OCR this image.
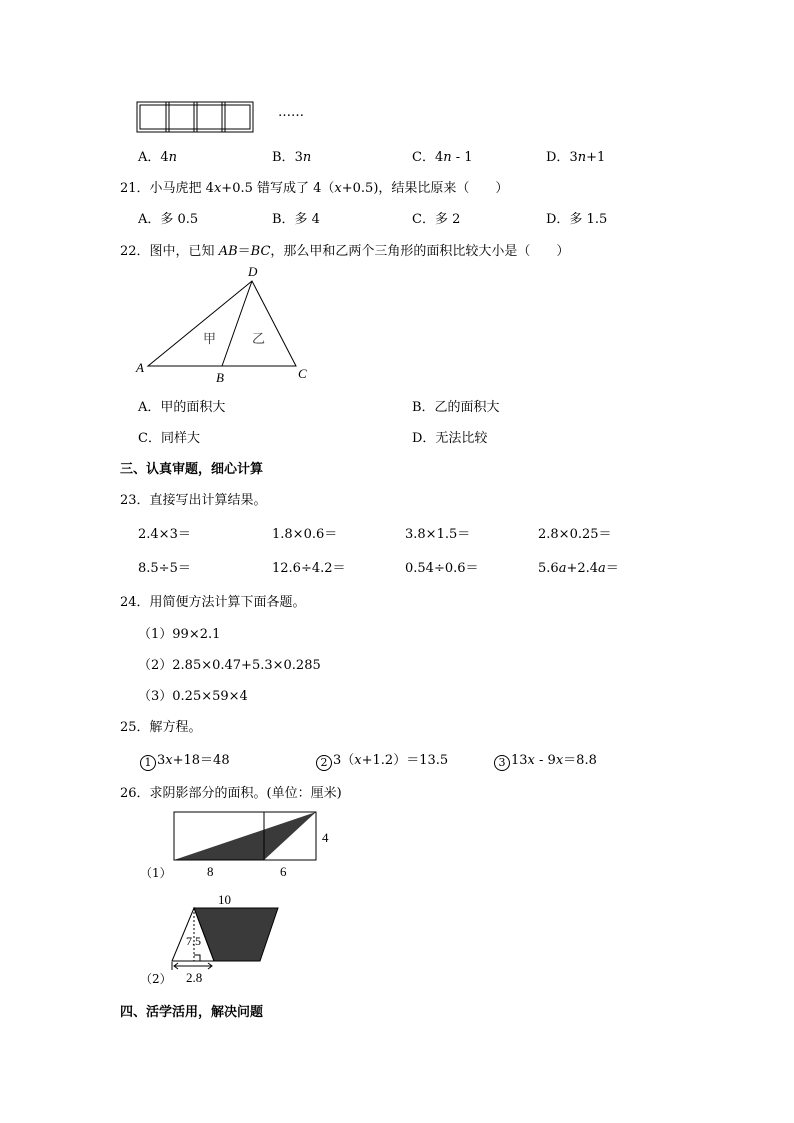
……
A．4n	B．3n	C．4n - 1	D．3n+1
21．小马虎把 4x+0.5 错写成了 4（x+0.5)，结果比原来（　　）
A．多 0.5	B．多 4	C．多 2	D．多 1.5
22．图中，已知 AB＝BC，那么甲和乙两个三角形的面积比较大小是（　　）
D
A
B	C
甲	乙
A．甲的面积大	B．乙的面积大
C．同样大	D．无法比较
三、认真审题，细心计算
23．直接写出计算结果。
2.4×3＝	1.8×0.6＝	3.8×1.5＝	2.8×0.25＝
8.5÷5＝	12.6÷4.2＝	0.54÷0.6＝	5.6a+2.4a＝
24．用简便方法计算下面各题。
（1）99×2.1
（2）2.85×0.47+5.3×0.285
（3）0.25×59×4
25．解方程。
1 3x+18＝48	2 3（x+1.2）＝13.5	3 13x - 9x＝8.8
26．求阴影部分的面积。(单位：厘米)
（1）	8	6
4
（2）
10
7.5
2.8
四、活学活用，解决问题
